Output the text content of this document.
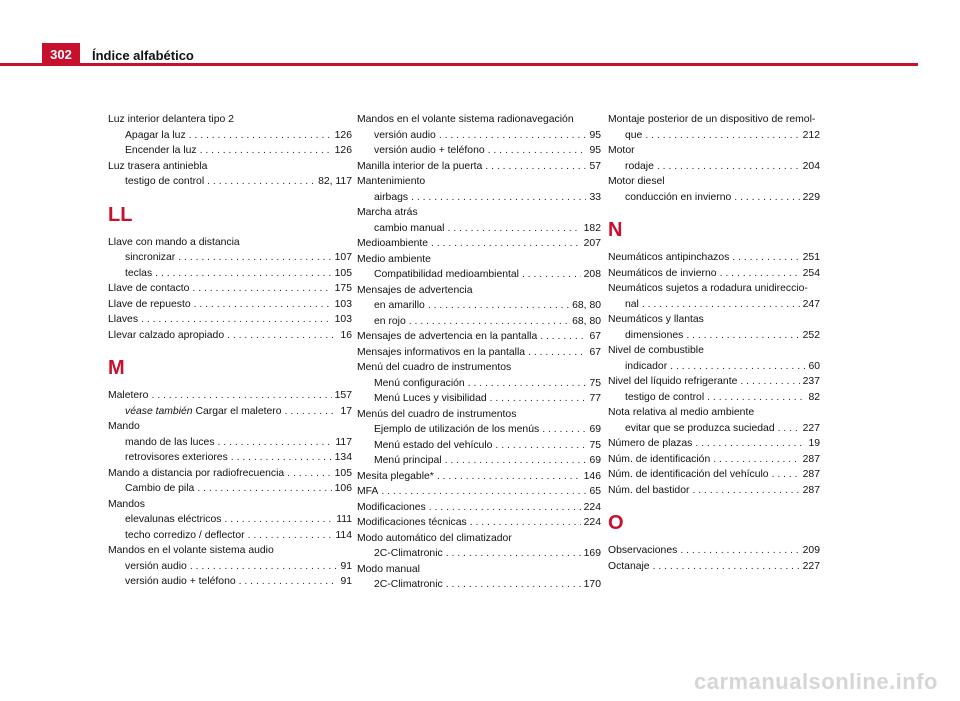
302	Índice alfabético
Luz interior delantera tipo 2
Apagar la luz . . .	126
Encender la luz . . .	126
Luz trasera antiniebla
testigo de control . . .	82, 117
LL
Llave con mando a distancia
sincronizar . . .	107
teclas . . .	105
Llave de contacto . . .	175
Llave de repuesto . . .	103
Llaves . . .	103
Llevar calzado apropiado . . .	16
M
Maletero . . .	157
véase también Cargar el maletero . . .	17
Mando
mando de las luces . . .	117
retrovisores exteriores . . .	134
Mando a distancia por radiofrecuencia . . .	105
Cambio de pila . . .	106
Mandos
elevalunas eléctricos . . .	111
techo corredizo / deflector . . .	114
Mandos en el volante sistema audio
versión audio . . .	91
versión audio + teléfono . . .	91
Mandos en el volante sistema radionavegación
versión audio . . .	95
versión audio + teléfono . . .	95
Manilla interior de la puerta . . .	57
Mantenimiento
airbags . . .	33
Marcha atrás
cambio manual . . .	182
Medioambiente . . .	207
Medio ambiente
Compatibilidad medioambiental . . .	208
Mensajes de advertencia
en amarillo . . .	68, 80
en rojo . . .	68, 80
Mensajes de advertencia en la pantalla . . .	67
Mensajes informativos en la pantalla . . .	67
Menú del cuadro de instrumentos
Menú configuración . . .	75
Menú Luces y visibilidad . . .	77
Menús del cuadro de instrumentos
Ejemplo de utilización de los menús . . .	69
Menú estado del vehículo . . .	75
Menú principal . . .	69
Mesita plegable* . . .	146
MFA . . .	65
Modificaciones . . .	224
Modificaciones técnicas . . .	224
Modo automático del climatizador
2C-Climatronic . . .	169
Modo manual
2C-Climatronic . . .	170
Montaje posterior de un dispositivo de remol-
que . . .	212
Motor
rodaje . . .	204
Motor diesel
conducción en invierno . . .	229
N
Neumáticos antipinchazos . . .	251
Neumáticos de invierno . . .	254
Neumáticos sujetos a rodadura unidireccio-
nal . . .	247
Neumáticos y llantas
dimensiones . . .	252
Nivel de combustible
indicador . . .	60
Nivel del líquido refrigerante . . .	237
testigo de control . . .	82
Nota relativa al medio ambiente
evitar que se produzca suciedad . . .	227
Número de plazas . . .	19
Núm. de identificación . . .	287
Núm. de identificación del vehículo . . .	287
Núm. del bastidor . . .	287
O
Observaciones . . .	209
Octanaje . . .	227
carmanualsonline.info
